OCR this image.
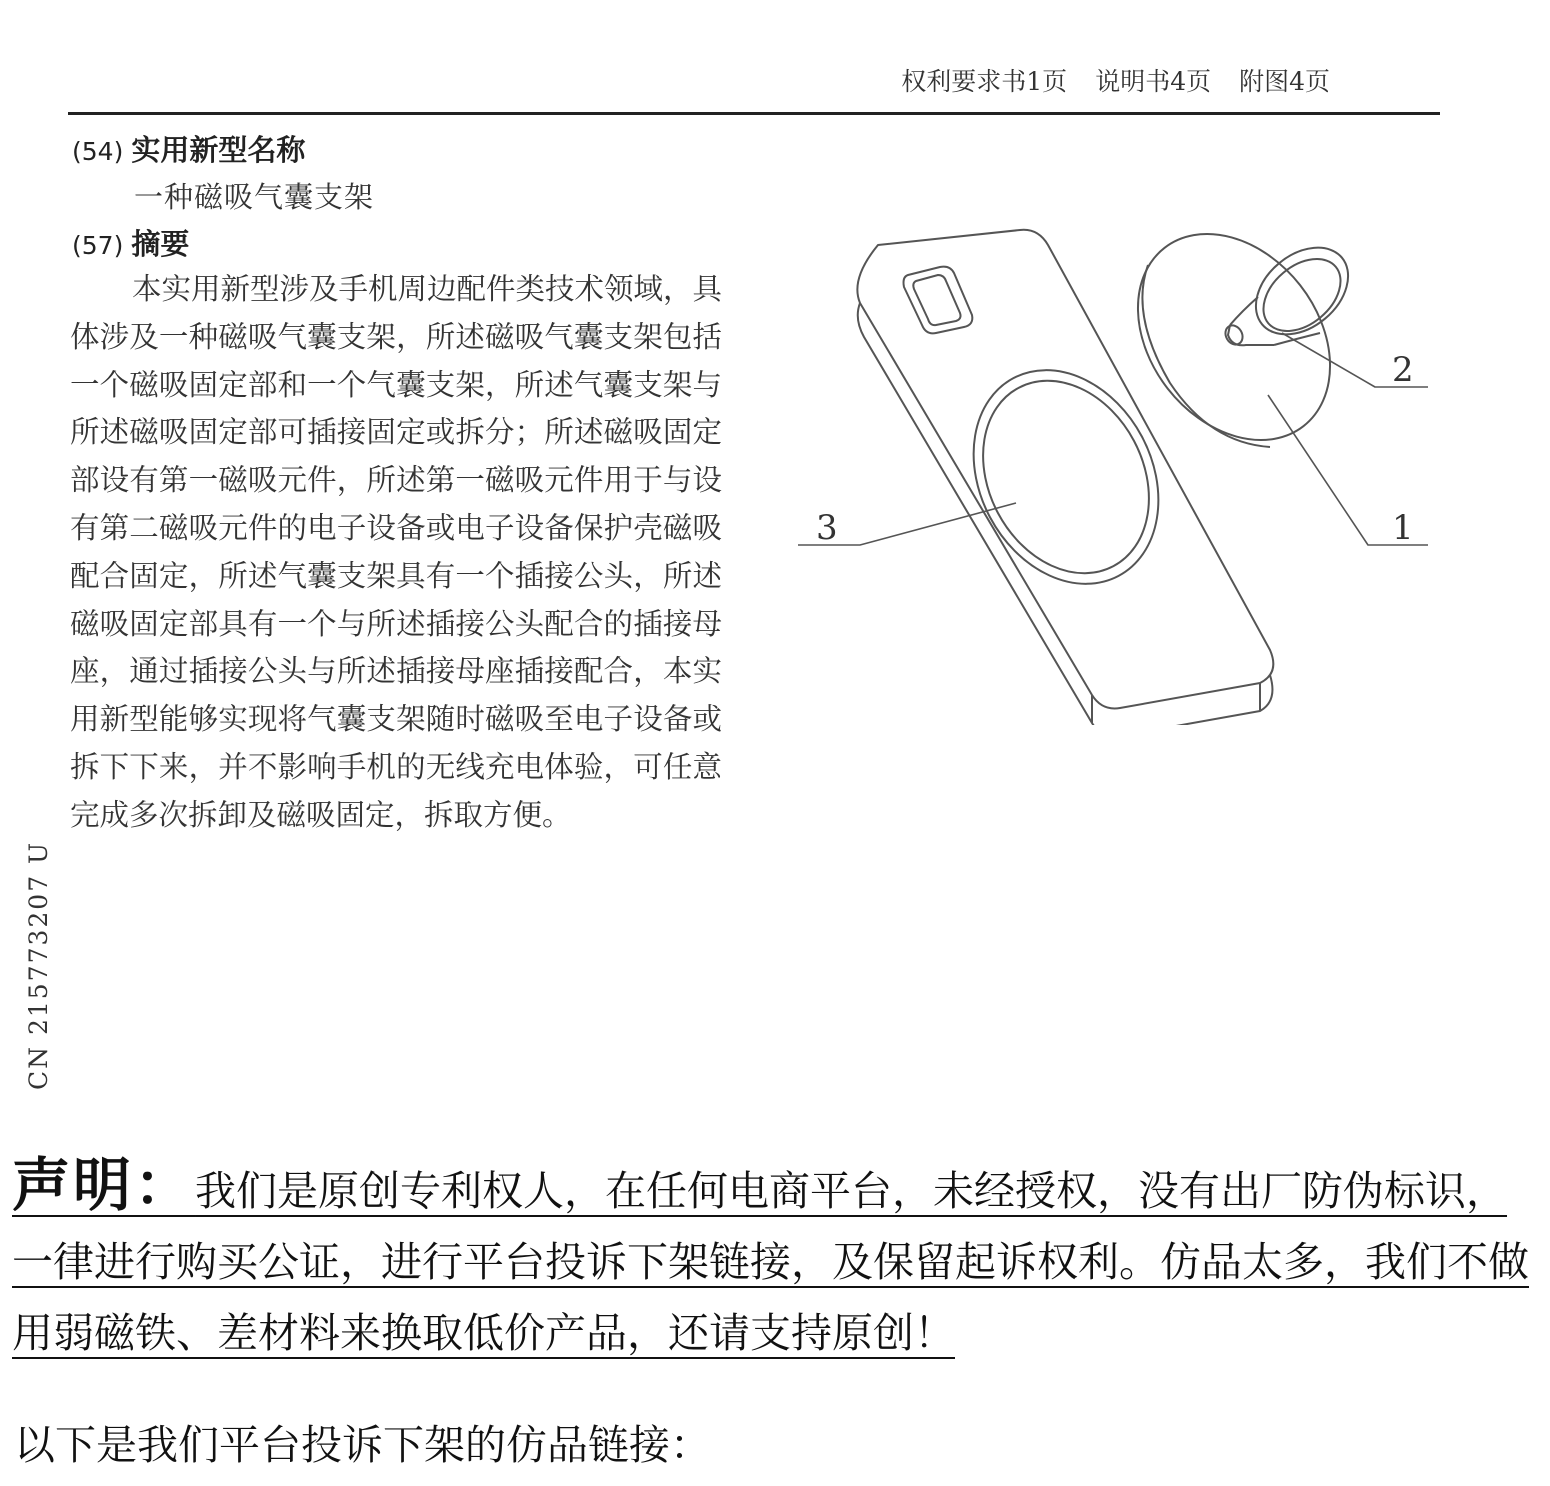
权利要求书1页 说明书4页 附图4页
(54) 实用新型名称
一种磁吸气囊支架
(57) 摘要
本实用新型涉及手机周边配件类技术领域，具体涉及一种磁吸气囊支架，所述磁吸气囊支架包括一个磁吸固定部和一个气囊支架，所述气囊支架与所述磁吸固定部可插接固定或拆分；所述磁吸固定部设有第一磁吸元件，所述第一磁吸元件用于与设有第二磁吸元件的电子设备或电子设备保护壳磁吸配合固定，所述气囊支架具有一个插接公头，所述磁吸固定部具有一个与所述插接公头配合的插接母座，通过插接公头与所述插接母座插接配合，本实用新型能够实现将气囊支架随时磁吸至电子设备或拆下下来，并不影响手机的无线充电体验，可任意完成多次拆卸及磁吸固定，拆取方便。
CN 215773207 U
2
1
3
声明：我们是原创专利权人，在任何电商平台，未经授权，没有出厂防伪标识，一律进行购买公证，进行平台投诉下架链接，及保留起诉权利。仿品太多，我们不做用弱磁铁、差材料来换取低价产品，还请支持原创！
以下是我们平台投诉下架的仿品链接：
